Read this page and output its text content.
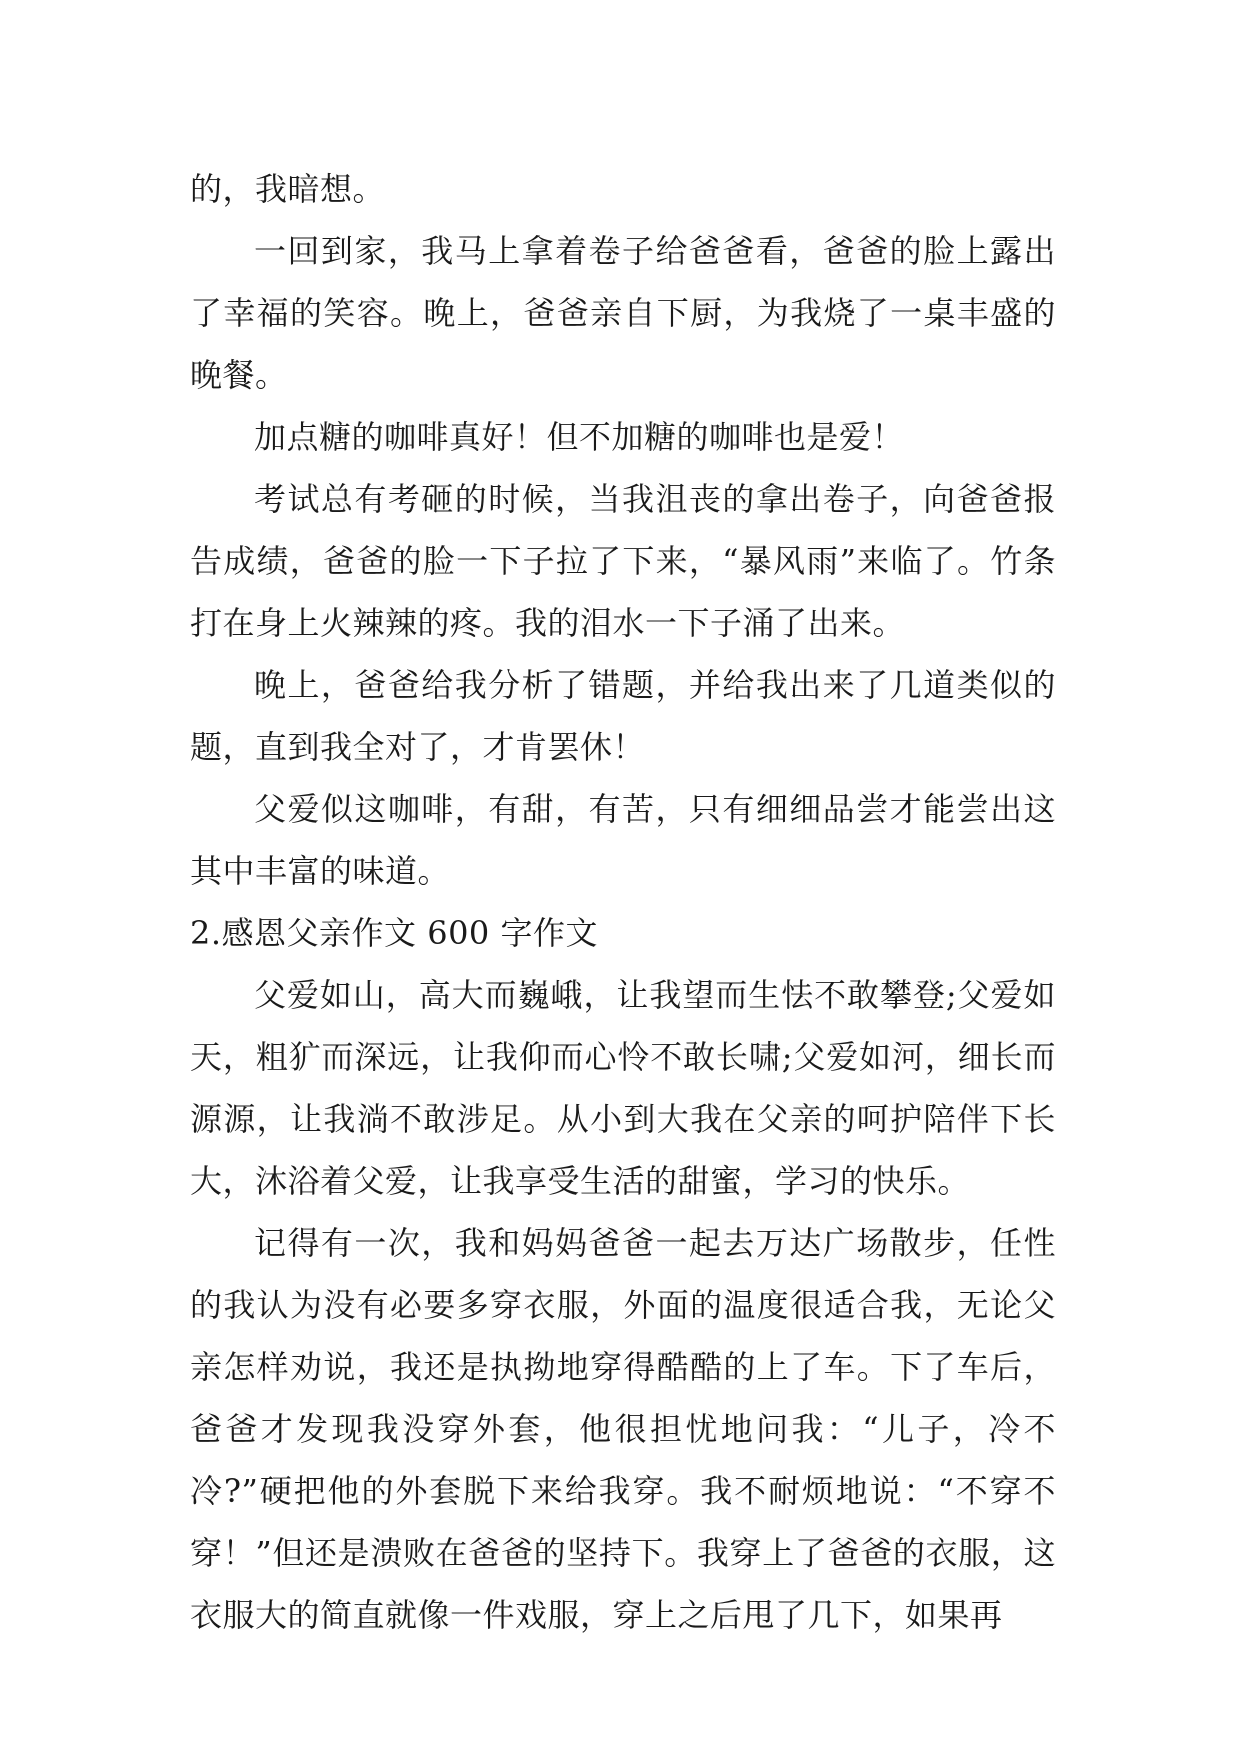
的，我暗想。

一回到家，我马上拿着卷子给爸爸看，爸爸的脸上露出了幸福的笑容。晚上，爸爸亲自下厨，为我烧了一桌丰盛的晚餐。

加点糖的咖啡真好！但不加糖的咖啡也是爱！

考试总有考砸的时候，当我沮丧的拿出卷子，向爸爸报告成绩，爸爸的脸一下子拉了下来，“暴风雨”来临了。竹条打在身上火辣辣的疼。我的泪水一下子涌了出来。

晚上，爸爸给我分析了错题，并给我出来了几道类似的题，直到我全对了，才肯罢休！

父爱似这咖啡，有甜，有苦，只有细细品尝才能尝出这其中丰富的味道。

2.感恩父亲作文 600 字作文

父爱如山，高大而巍峨，让我望而生怯不敢攀登;父爱如天，粗犷而深远，让我仰而心怜不敢长啸;父爱如河，细长而源源，让我淌不敢涉足。从小到大我在父亲的呵护陪伴下长大，沐浴着父爱，让我享受生活的甜蜜，学习的快乐。

记得有一次，我和妈妈爸爸一起去万达广场散步，任性的我认为没有必要多穿衣服，外面的温度很适合我，无论父亲怎样劝说，我还是执拗地穿得酷酷的上了车。下了车后，爸爸才发现我没穿外套，他很担忧地问我：“儿子，冷不冷?”硬把他的外套脱下来给我穿。我不耐烦地说：“不穿不穿！”但还是溃败在爸爸的坚持下。我穿上了爸爸的衣服，这衣服大的简直就像一件戏服，穿上之后甩了几下，如果再
